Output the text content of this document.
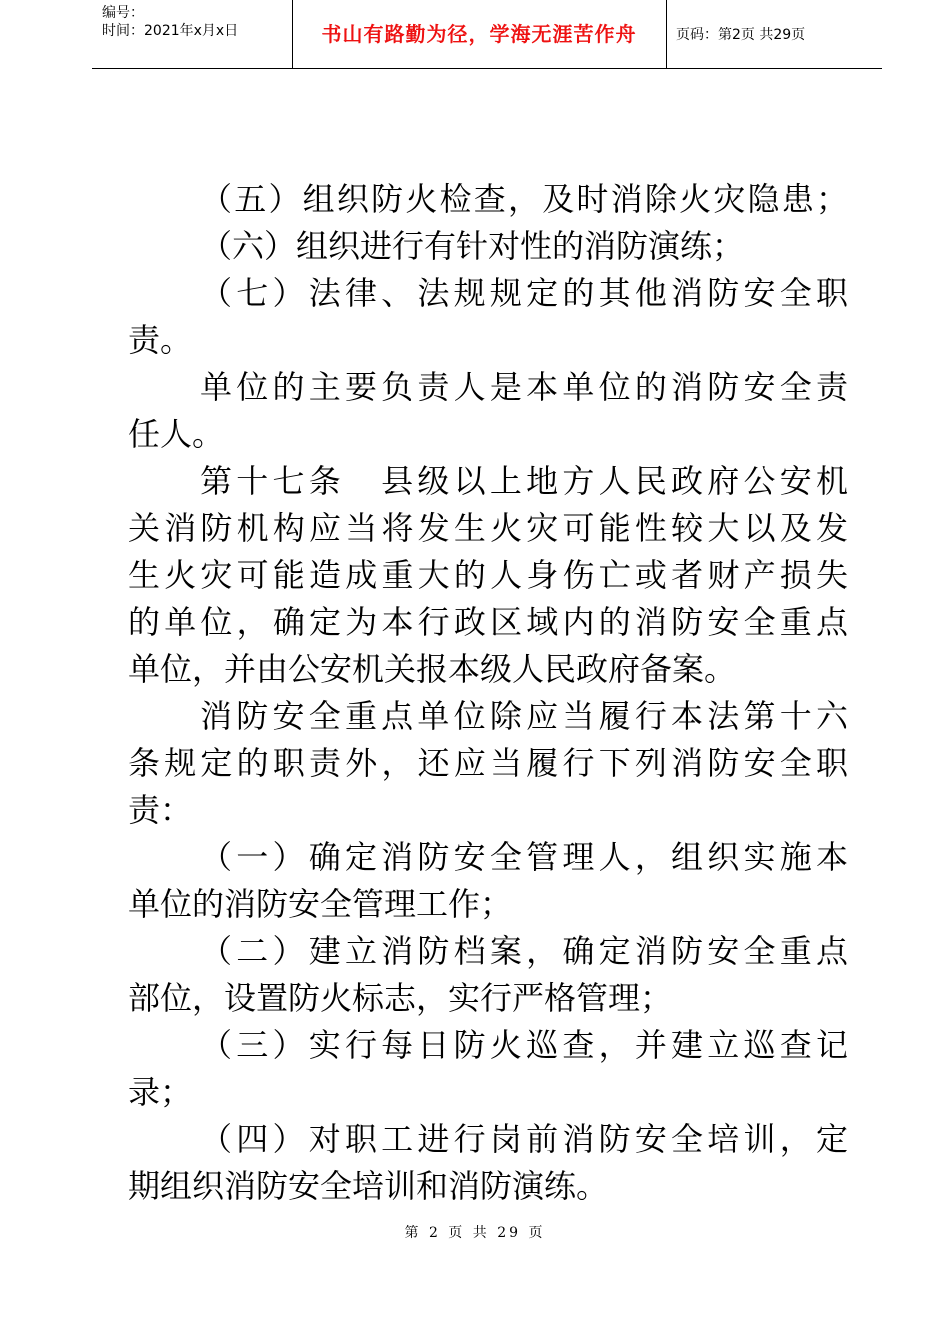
编号：
时间：2021年x月x日	书山有路勤为径，学海无涯苦作舟	页码：第2页 共29页
（五）组织防火检查，及时消除火灾隐患；
（六）组织进行有针对性的消防演练；
（七）法律、法规规定的其他消防安全职
责。
单位的主要负责人是本单位的消防安全责
任人。
第十七条　县级以上地方人民政府公安机
关消防机构应当将发生火灾可能性较大以及发
生火灾可能造成重大的人身伤亡或者财产损失
的单位，确定为本行政区域内的消防安全重点
单位，并由公安机关报本级人民政府备案。
消防安全重点单位除应当履行本法第十六
条规定的职责外，还应当履行下列消防安全职
责：
（一）确定消防安全管理人，组织实施本
单位的消防安全管理工作；
（二）建立消防档案，确定消防安全重点
部位，设置防火标志，实行严格管理；
（三）实行每日防火巡查，并建立巡查记
录；
（四）对职工进行岗前消防安全培训，定
期组织消防安全培训和消防演练。
第 2 页 共 29 页
